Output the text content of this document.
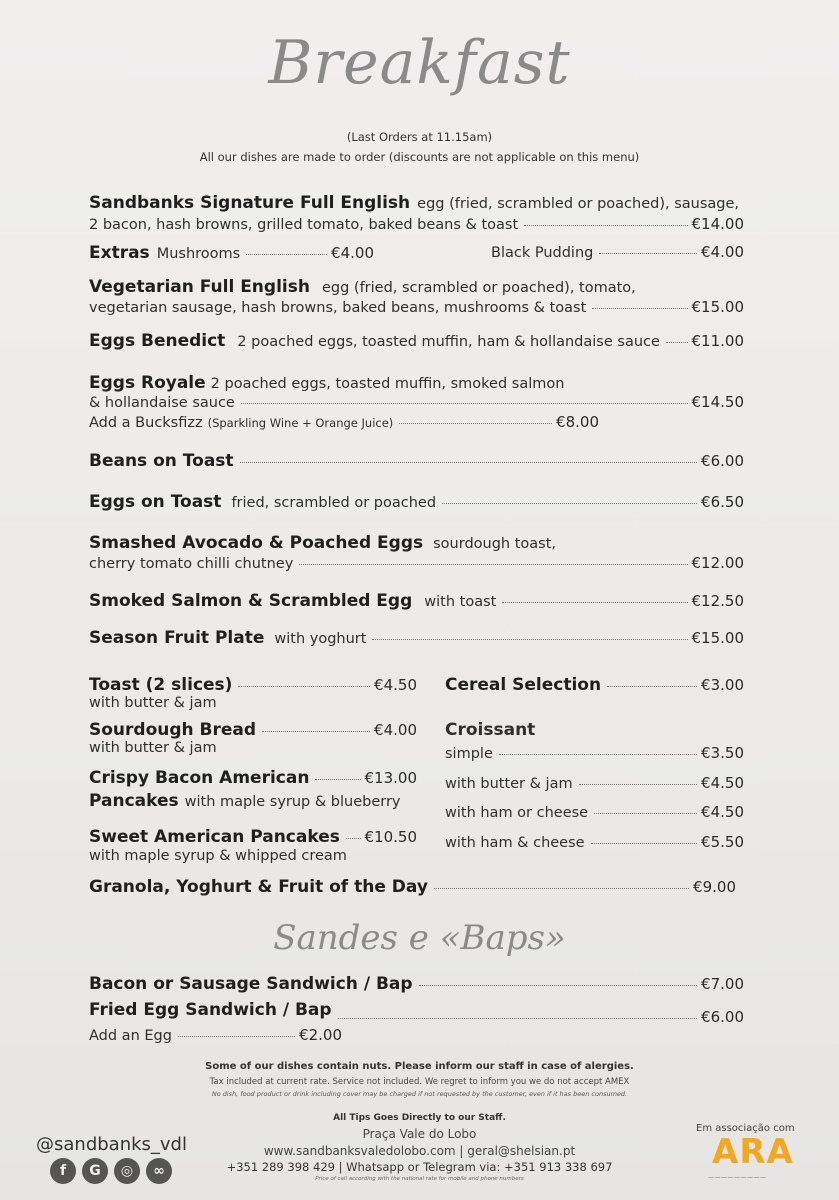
Breakfast
(Last Orders at 11.15am)
All our dishes are made to order (discounts are not applicable on this menu)
Sandbanks Signature Full English egg (fried, scrambled or poached), sausage,
2 bacon, hash browns, grilled tomato, baked beans & toast	€14.00
Extras Mushrooms	€4.00	Black Pudding	€4.00
Vegetarian Full English egg (fried, scrambled or poached), tomato,
vegetarian sausage, hash browns, baked beans, mushrooms & toast	€15.00
Eggs Benedict 2 poached eggs, toasted muffin, ham & hollandaise sauce €11.00
Eggs Royale 2 poached eggs, toasted muffin, smoked salmon
& hollandaise sauce	€14.50
Add a Bucksfizz (Sparkling Wine + Orange Juice)	€8.00
Beans on Toast	€6.00
Eggs on Toast fried, scrambled or poached	€6.50
Smashed Avocado & Poached Eggs sourdough toast,
cherry tomato chilli chutney	€12.00
Smoked Salmon & Scrambled Egg with toast	€12.50
Season Fruit Plate with yoghurt	€15.00
Toast (2 slices)	€4.50
with butter & jam
Sourdough Bread	€4.00
with butter & jam
Crispy Bacon American	€13.00
Pancakes with maple syrup & blueberry
Sweet American Pancakes €10.50
with maple syrup & whipped cream
Cereal Selection	€3.00
Croissant
simple	€3.50
with butter & jam	€4.50
with ham or cheese	€4.50
with ham & cheese	€5.50
Granola, Yoghurt & Fruit of the Day	€9.00
Sandes e «Baps»
Bacon or Sausage Sandwich / Bap	€7.00
Fried Egg Sandwich / Bap	€6.00
Add an Egg	€2.00
Some of our dishes contain nuts. Please inform our staff in case of alergies.
Tax included at current rate. Service not included. We regret to inform you we do not accept AMEX
No dish, food product or drink including cover may be charged if not requested by the customer, even if it has been consumed.
All Tips Goes Directly to our Staff.
Praça Vale do Lobo
www.sandbanksvaledolobo.com | geral@shelsian.pt
+351 289 398 429 | Whatsapp or Telegram via: +351 913 338 697
Price of call according with the national rate for mobile and phone numbers
@sandbanks_vdl
f	G	◎	∞
Em associação com
ARA
—————————
